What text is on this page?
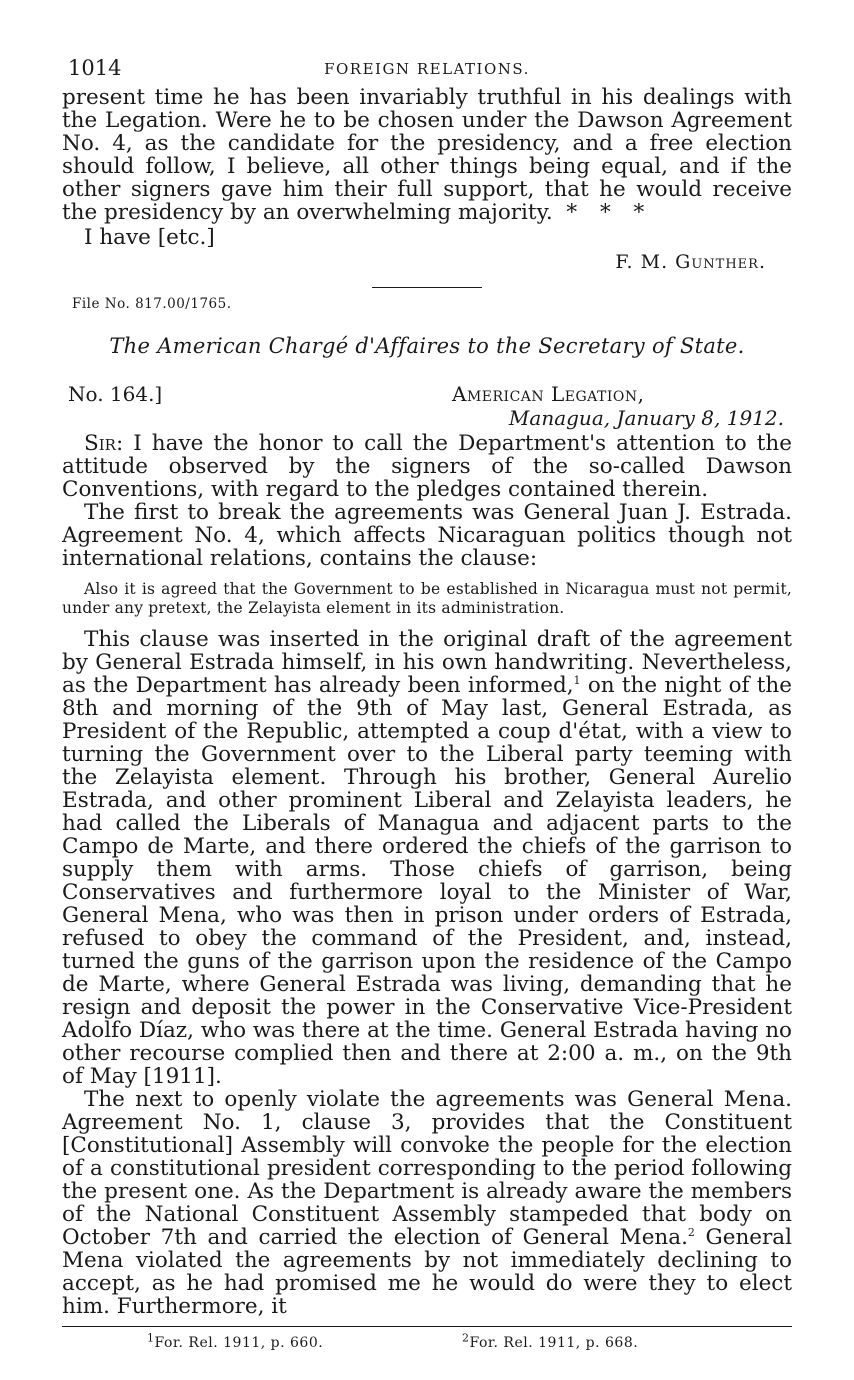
1014	FOREIGN RELATIONS.

present time he has been invariably truthful in his dealings with the Legation. Were he to be chosen under the Dawson Agreement No. 4, as the candidate for the presidency, and a free election should follow, I believe, all other things being equal, and if the other signers gave him their full support, that he would receive the presidency by an overwhelming majority. * * *

I have [etc.]

F. M. Gunther.

File No. 817.00/1765.
The American Chargé d'Affaires to the Secretary of State.
No. 164.]	American Legation,
Managua, January 8, 1912.

Sir: I have the honor to call the Department's attention to the attitude observed by the signers of the so-called Dawson Conventions, with regard to the pledges contained therein.

The first to break the agreements was General Juan J. Estrada. Agreement No. 4, which affects Nicaraguan politics though not international relations, contains the clause:

Also it is agreed that the Government to be established in Nicaragua must not permit, under any pretext, the Zelayista element in its administration.

This clause was inserted in the original draft of the agreement by General Estrada himself, in his own handwriting. Nevertheless, as the Department has already been informed,$^1$ on the night of the 8th and morning of the 9th of May last, General Estrada, as President of the Republic, attempted a coup d'état, with a view to turning the Government over to the Liberal party teeming with the Zelayista element. Through his brother, General Aurelio Estrada, and other prominent Liberal and Zelayista leaders, he had called the Liberals of Managua and adjacent parts to the Campo de Marte, and there ordered the chiefs of the garrison to supply them with arms. Those chiefs of garrison, being Conservatives and furthermore loyal to the Minister of War, General Mena, who was then in prison under orders of Estrada, refused to obey the command of the President, and, instead, turned the guns of the garrison upon the residence of the Campo de Marte, where General Estrada was living, demanding that he resign and deposit the power in the Conservative Vice-President Adolfo Díaz, who was there at the time. General Estrada having no other recourse complied then and there at 2:00 a. m., on the 9th of May [1911].

The next to openly violate the agreements was General Mena. Agreement No. 1, clause 3, provides that the Constituent [Constitutional] Assembly will convoke the people for the election of a constitutional president corresponding to the period following the present one. As the Department is already aware the members of the National Constituent Assembly stampeded that body on October 7th and carried the election of General Mena.$^2$ General Mena violated the agreements by not immediately declining to accept, as he had promised me he would do were they to elect him. Furthermore, it

$^1$For. Rel. 1911, p. 660.	$^2$For. Rel. 1911, p. 668.
